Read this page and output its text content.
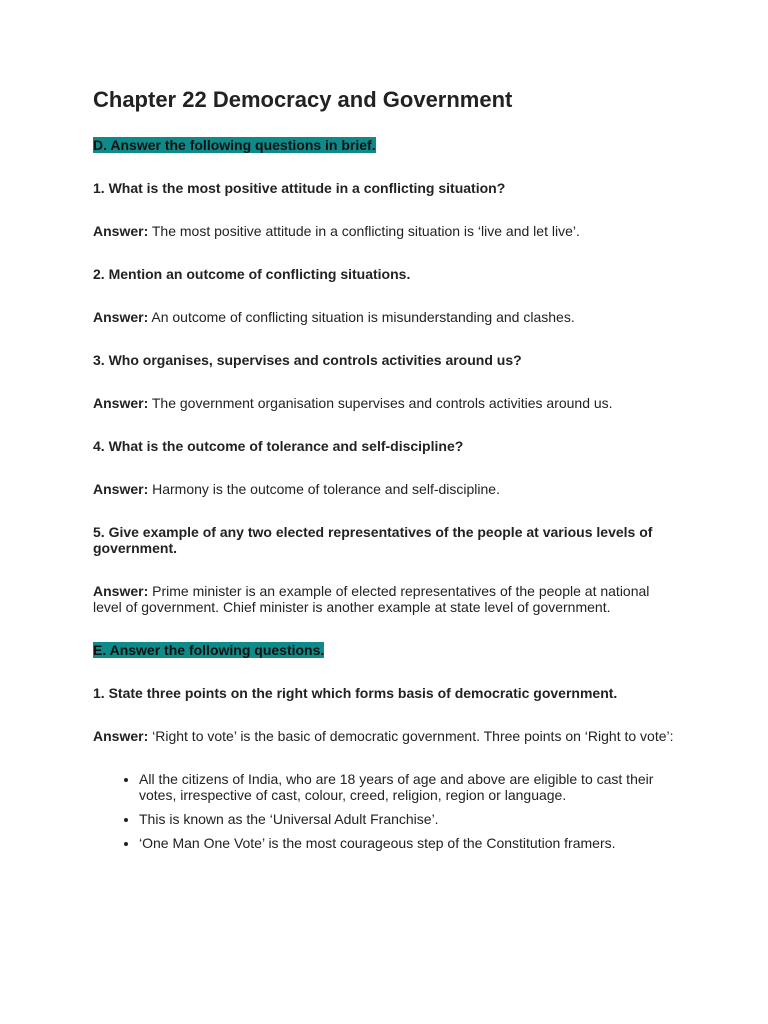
Chapter 22 Democracy and Government

D. Answer the following questions in brief.

1. What is the most positive attitude in a conflicting situation?

Answer: The most positive attitude in a conflicting situation is ‘live and let live’.

2. Mention an outcome of conflicting situations.

Answer: An outcome of conflicting situation is misunderstanding and clashes.

3. Who organises, supervises and controls activities around us?

Answer: The government organisation supervises and controls activities around us.

4. What is the outcome of tolerance and self-discipline?

Answer: Harmony is the outcome of tolerance and self-discipline.

5. Give example of any two elected representatives of the people at various levels of government.

Answer: Prime minister is an example of elected representatives of the people at national level of government. Chief minister is another example at state level of government.

E. Answer the following questions.

1. State three points on the right which forms basis of democratic government.

Answer: ‘Right to vote’ is the basic of democratic government. Three points on ‘Right to vote’:

• All the citizens of India, who are 18 years of age and above are eligible to cast their votes, irrespective of cast, colour, creed, religion, region or language.
• This is known as the ‘Universal Adult Franchise’.
• ‘One Man One Vote’ is the most courageous step of the Constitution framers.
